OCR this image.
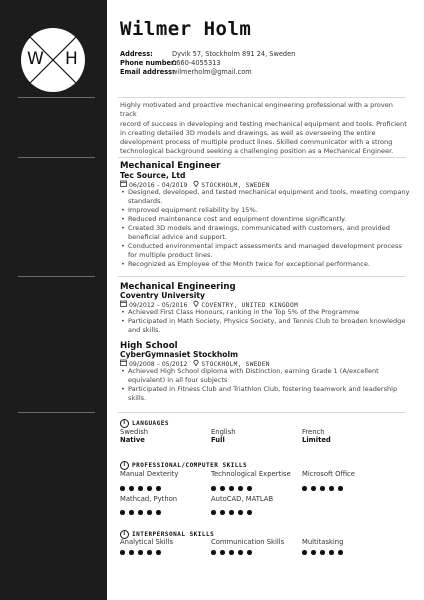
W H
Wilmer Holm
Address:	Dyvik 57, Stockholm 891 24, Sweden
Phone number:
0660-4055313
Email address:
wilmerholm@gmail.com
Highly motivated and proactive mechanical engineering professional with a proven track
record of success in developing and testing mechanical equipment and tools. Proficient
in creating detailed 3D models and drawings, as well as overseeing the entire
development process of multiple product lines. Skilled communicator with a strong
technological background seeking a challenging position as a Mechanical Engineer.
Mechanical Engineer
Tec Source, Ltd
06/2016 – 04/2019 STOCKHOLM, SWEDEN
• Designed, developed, and tested mechanical equipment and tools, meeting company
standards.
• Improved equipment reliability by 15%.
• Reduced maintenance cost and equipment downtime significantly.
• Created 3D models and drawings, communicated with customers, and provided
beneficial advice and support.
• Conducted environmental impact assessments and managed development process
for multiple product lines.
• Recognized as Employee of the Month twice for exceptional performance.
Mechanical Engineering
Coventry University
09/2012 – 05/2016 COVENTRY, UNITED KINGDOM
• Achieved First Class Honours, ranking in the Top 5% of the Programme
• Participated in Math Society, Physics Society, and Tennis Club to broaden knowledge
and skills.
High School
CyberGymnasiet Stockholm
09/2008 – 05/2012 STOCKHOLM, SWEDEN
• Achieved High School diploma with Distinction, earning Grade 1 (A/excellent
equivalent) in all four subjects
• Participated in Fitness Club and Triathlon Club, fostering teamwork and leadership
skills.
i LANGUAGES
Swedish
Native
English
Full
French
Limited
i PROFESSIONAL/COMPUTER SKILLS
Manual Dexterity	Technological Expertise Microsoft Office
Mathcad, Python	AutoCAD, MATLAB
i INTERPERSONAL SKILLS
Analytical Skills	Communication Skills	Multitasking
